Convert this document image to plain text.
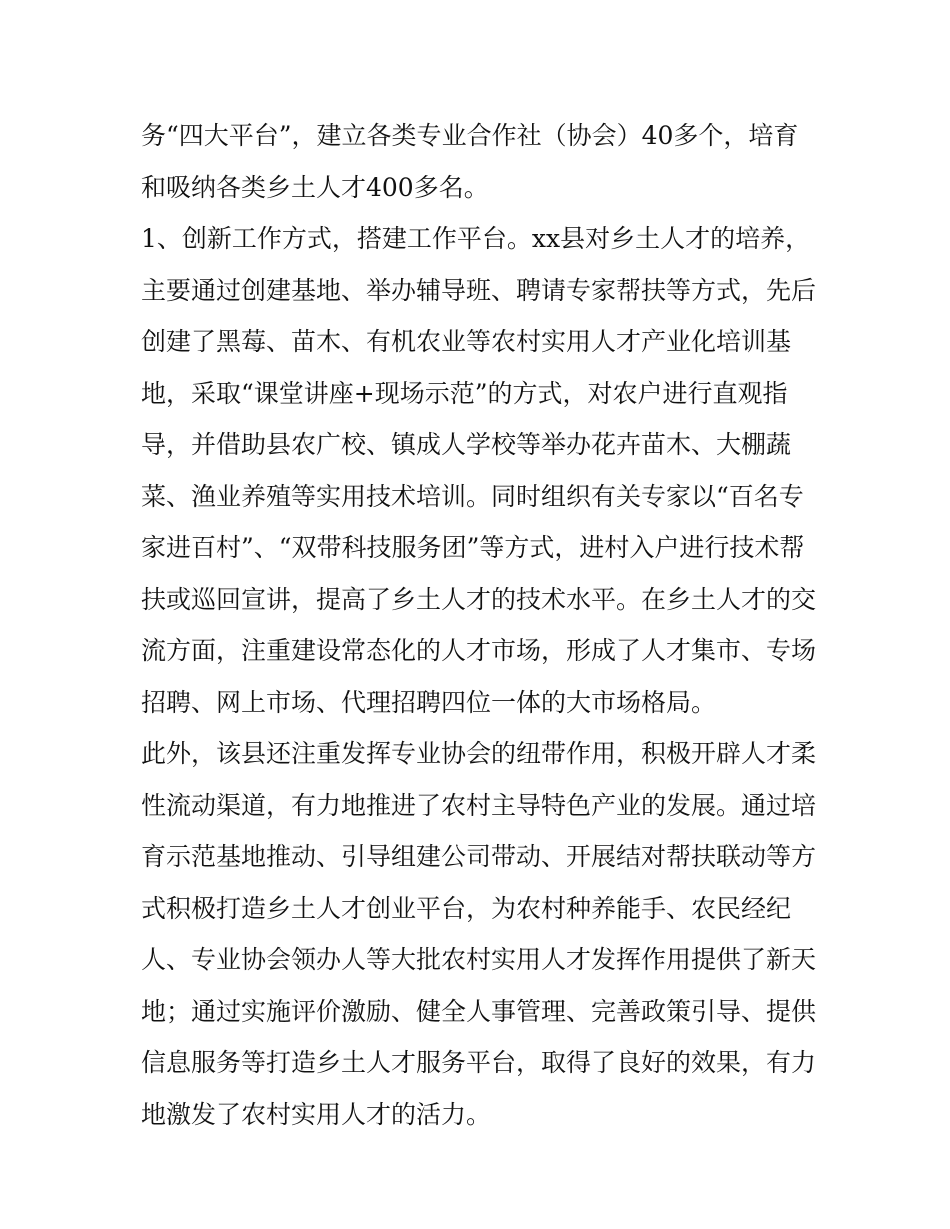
务“四大平台”，建立各类专业合作社（协会）40多个，培育
和吸纳各类乡土人才400多名。
1、创新工作方式，搭建工作平台。xx县对乡土人才的培养，
主要通过创建基地、举办辅导班、聘请专家帮扶等方式，先后
创建了黑莓、苗木、有机农业等农村实用人才产业化培训基
地，采取“课堂讲座+现场示范”的方式，对农户进行直观指
导，并借助县农广校、镇成人学校等举办花卉苗木、大棚蔬
菜、渔业养殖等实用技术培训。同时组织有关专家以“百名专
家进百村”、“双带科技服务团”等方式，进村入户进行技术帮
扶或巡回宣讲，提高了乡土人才的技术水平。在乡土人才的交
流方面，注重建设常态化的人才市场，形成了人才集市、专场
招聘、网上市场、代理招聘四位一体的大市场格局。
此外，该县还注重发挥专业协会的纽带作用，积极开辟人才柔
性流动渠道，有力地推进了农村主导特色产业的发展。通过培
育示范基地推动、引导组建公司带动、开展结对帮扶联动等方
式积极打造乡土人才创业平台，为农村种养能手、农民经纪
人、专业协会领办人等大批农村实用人才发挥作用提供了新天
地；通过实施评价激励、健全人事管理、完善政策引导、提供
信息服务等打造乡土人才服务平台，取得了良好的效果，有力
地激发了农村实用人才的活力。
